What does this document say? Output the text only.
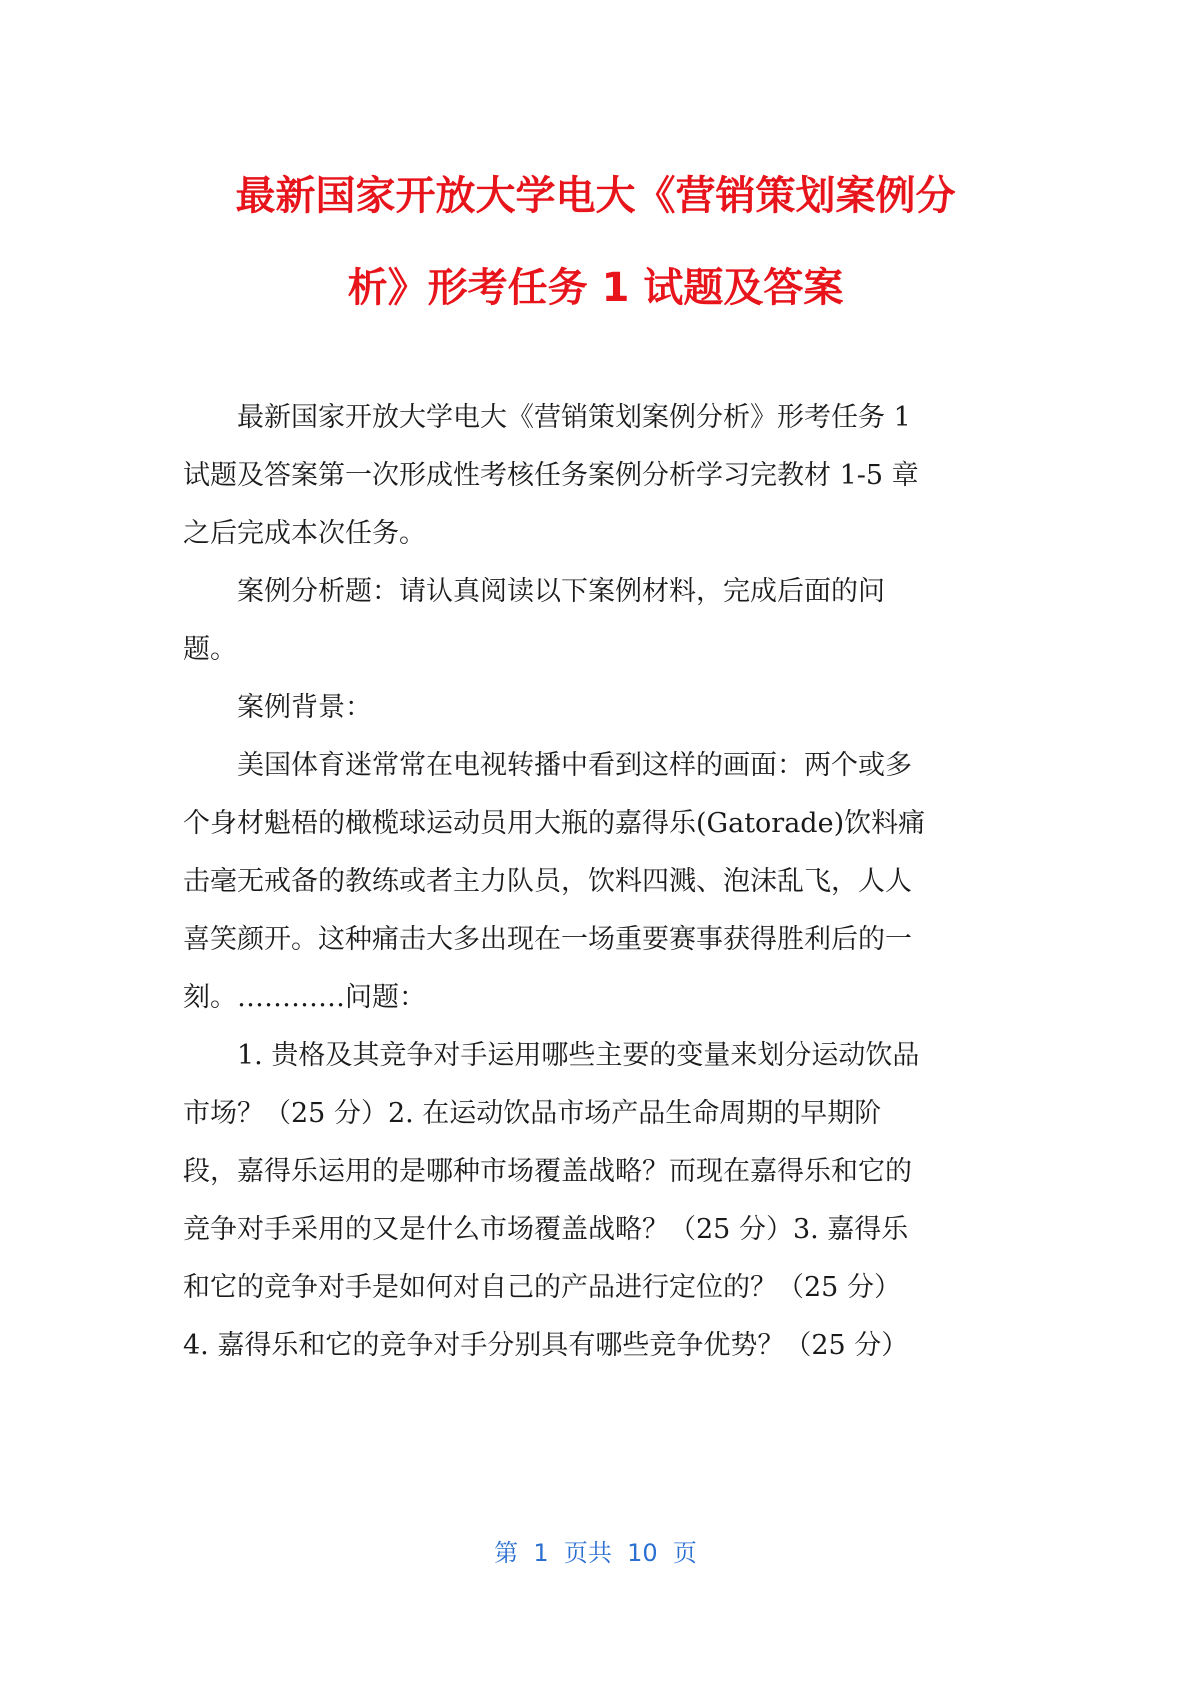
最新国家开放大学电大《营销策划案例分
析》形考任务 1 试题及答案
　　最新国家开放大学电大《营销策划案例分析》形考任务 1
试题及答案第一次形成性考核任务案例分析学习完教材 1-5 章
之后完成本次任务。
　　案例分析题：请认真阅读以下案例材料，完成后面的问
题。
　　案例背景：
　　美国体育迷常常在电视转播中看到这样的画面：两个或多
个身材魁梧的橄榄球运动员用大瓶的嘉得乐(Gatorade)饮料痛
击毫无戒备的教练或者主力队员，饮料四溅、泡沫乱飞，人人
喜笑颜开。这种痛击大多出现在一场重要赛事获得胜利后的一
刻。…………问题：
　　1. 贵格及其竞争对手运用哪些主要的变量来划分运动饮品
市场？（25 分）2. 在运动饮品市场产品生命周期的早期阶
段，嘉得乐运用的是哪种市场覆盖战略？而现在嘉得乐和它的
竞争对手采用的又是什么市场覆盖战略？（25 分）3. 嘉得乐
和它的竞争对手是如何对自己的产品进行定位的？（25 分）
4. 嘉得乐和它的竞争对手分别具有哪些竞争优势？（25 分）
第  1  页共  10  页
